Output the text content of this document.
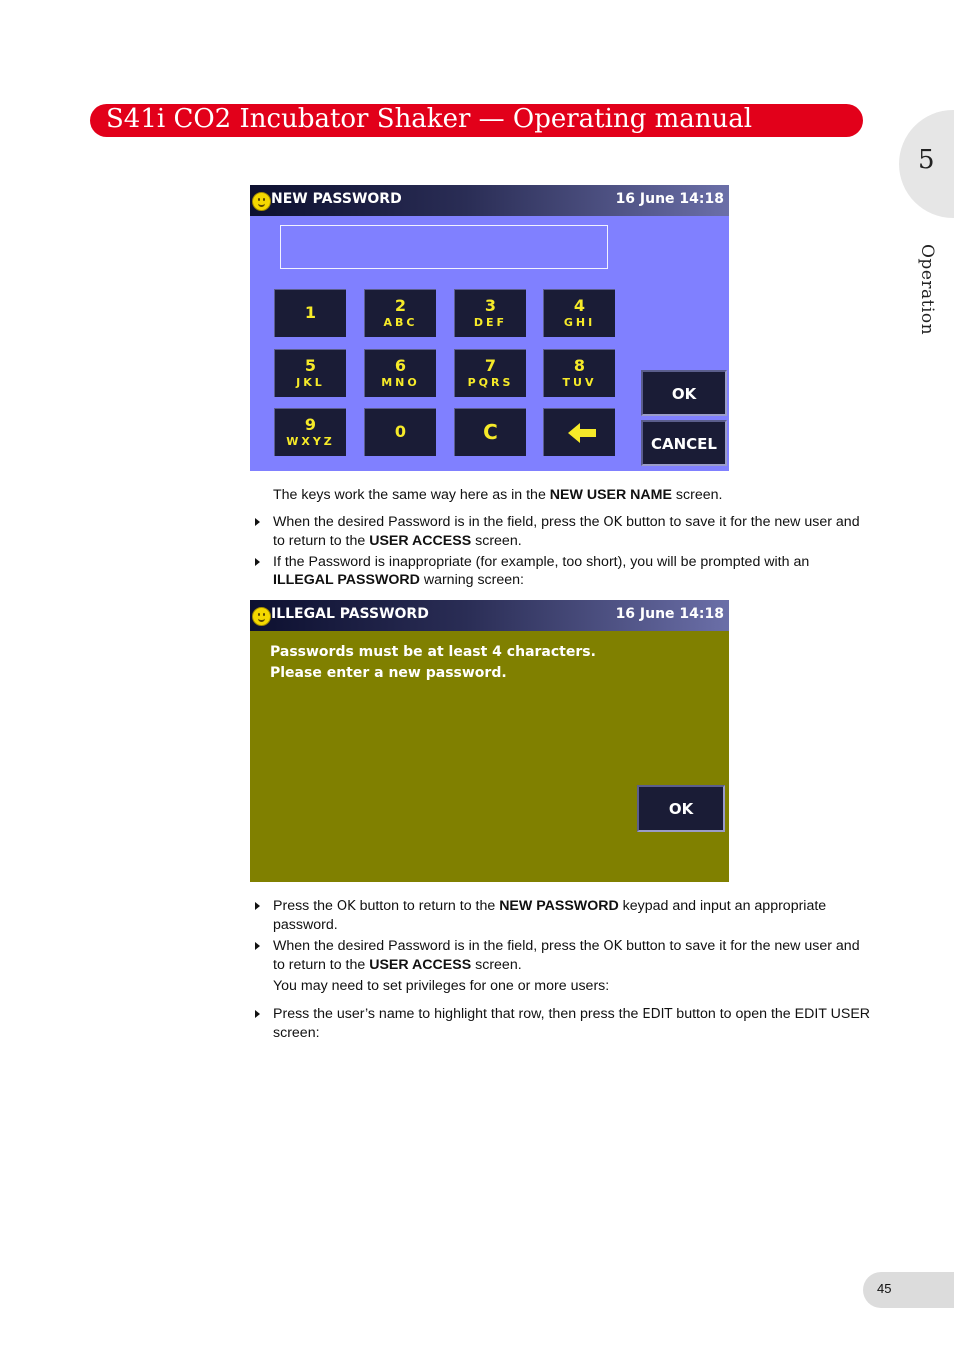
S41i CO2 Incubator Shaker — Operating manual
5
Operation
NEW PASSWORD	16 June 14:18
1	2
ABC
3
DEF
4
GHI
5
JKL
6
MNO
7
PQRS
8
TUV
9
WXYZ
0	C
OK
CANCEL
The keys work the same way here as in the NEW USER NAME screen.
When the desired Password is in the field, press the OK button to save it for the new user and to return to the USER ACCESS screen.
If the Password is inappropriate (for example, too short), you will be prompted with an ILLEGAL PASSWORD warning screen:
ILLEGAL PASSWORD	16 June 14:18
Passwords must be at least 4 characters.
Please enter a new password.
OK
Press the OK button to return to the NEW PASSWORD keypad and input an appropriate password.
When the desired Password is in the field, press the OK button to save it for the new user and to return to the USER ACCESS screen.
You may need to set privileges for one or more users:
Press the user’s name to highlight that row, then press the EDIT button to open the EDIT USER screen:
45
